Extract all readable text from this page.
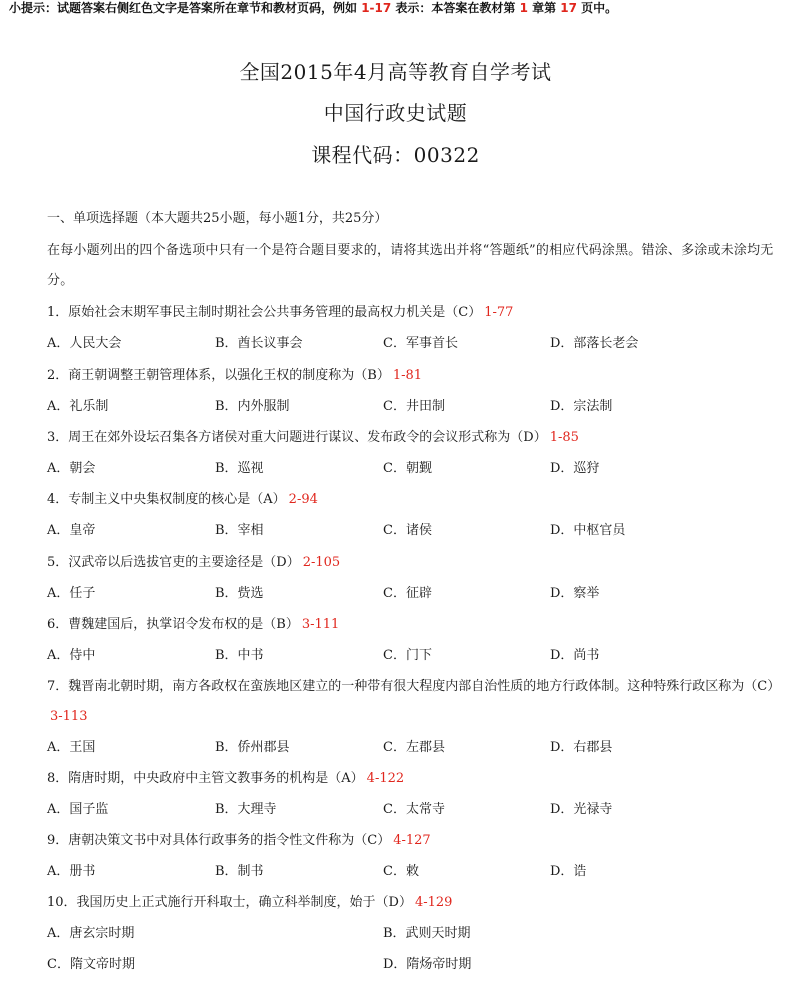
小提示：试题答案右侧红色文字是答案所在章节和教材页码，例如 1-17 表示：本答案在教材第 1 章第 17 页中。
全国2015年4月高等教育自学考试
中国行政史试题
课程代码：00322
一、单项选择题（本大题共25小题，每小题1分，共25分）
在每小题列出的四个备选项中只有一个是符合题目要求的，请将其选出并将“答题纸”的相应代码涂黑。错涂、多涂或未涂均无分。
1．原始社会末期军事民主制时期社会公共事务管理的最高权力机关是（C） 1-77
A．人民大会	B．酋长议事会	C．军事首长	D．部落长老会
2．商王朝调整王朝管理体系，以强化王权的制度称为（B） 1-81
A．礼乐制	B．内外服制	C．井田制	D．宗法制
3．周王在郊外设坛召集各方诸侯对重大问题进行谋议、发布政令的会议形式称为（D） 1-85
A．朝会	B．巡视	C．朝觐	D．巡狩
4．专制主义中央集权制度的核心是（A） 2-94
A．皇帝	B．宰相	C．诸侯	D．中枢官员
5．汉武帝以后选拔官吏的主要途径是（D） 2-105
A．任子	B．赀选	C．征辟	D．察举
6．曹魏建国后，执掌诏令发布权的是（B） 3-111
A．侍中	B．中书	C．门下	D．尚书
7．魏晋南北朝时期，南方各政权在蛮族地区建立的一种带有很大程度内部自治性质的地方行政体制。这种特殊行政区称为（C）3-113
A．王国	B．侨州郡县	C．左郡县	D．右郡县
8．隋唐时期，中央政府中主管文教事务的机构是（A） 4-122
A．国子监	B．大理寺	C．太常寺	D．光禄寺
9．唐朝决策文书中对具体行政事务的指令性文件称为（C） 4-127
A．册书	B．制书	C．敕	D．诰
10．我国历史上正式施行开科取士，确立科举制度，始于（D） 4-129
A．唐玄宗时期	B．武则天时期
C．隋文帝时期	D．隋炀帝时期
